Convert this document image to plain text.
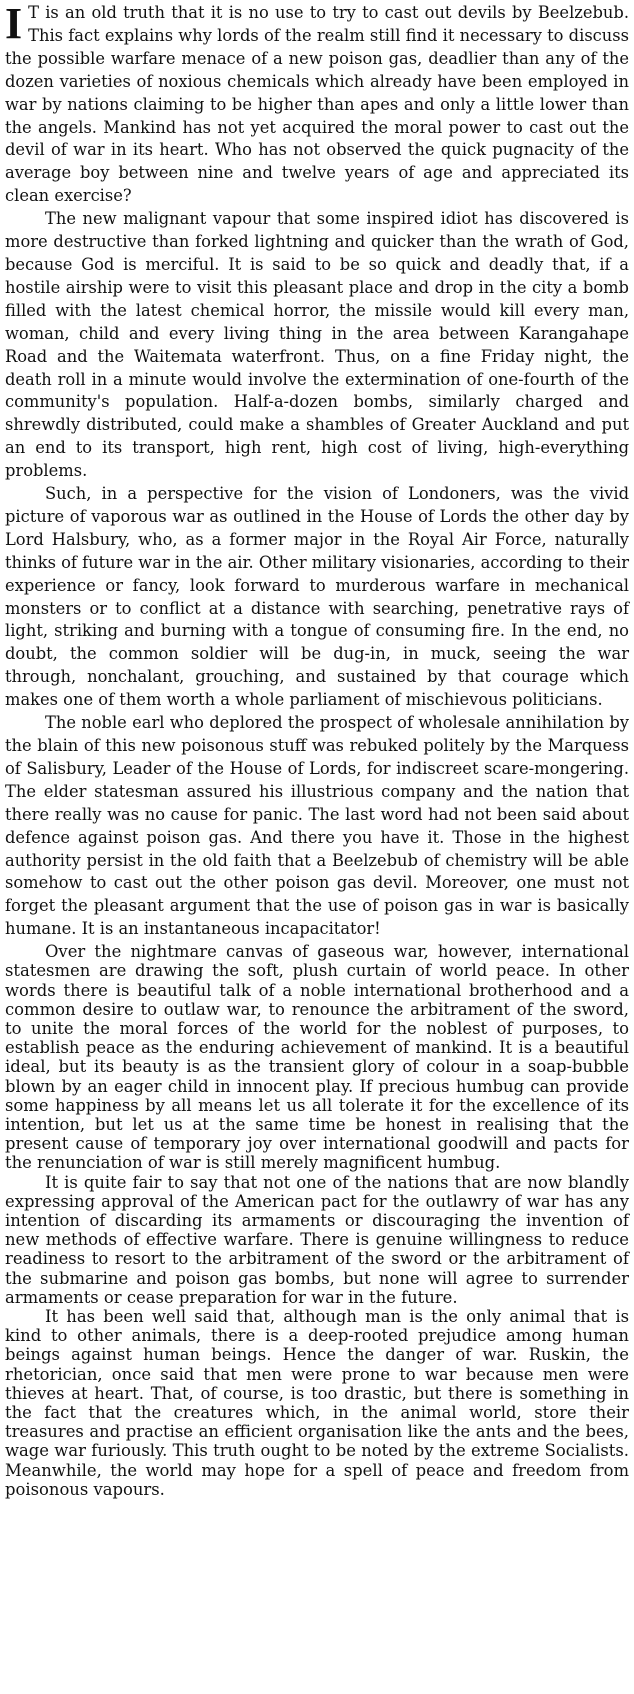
I T is an old truth that it is no use to try to cast out devils by Beelzebub. This fact explains why lords of the realm still find it necessary to discuss the possible warfare menace of a new poison gas, deadlier than any of the dozen varieties of noxious chemicals which already have been employed in war by nations claiming to be higher than apes and only a little lower than the angels. Mankind has not yet acquired the moral power to cast out the devil of war in its heart. Who has not observed the quick pugnacity of the average boy between nine and twelve years of age and appreciated its clean exercise?

The new malignant vapour that some inspired idiot has discovered is more destructive than forked lightning and quicker than the wrath of God, because God is merciful. It is said to be so quick and deadly that, if a hostile airship were to visit this pleasant place and drop in the city a bomb filled with the latest chemical horror, the missile would kill every man, woman, child and every living thing in the area between Karangahape Road and the Waitemata waterfront. Thus, on a fine Friday night, the death roll in a minute would involve the extermination of one-fourth of the community's population. Half-a-dozen bombs, similarly charged and shrewdly distributed, could make a shambles of Greater Auckland and put an end to its transport, high rent, high cost of living, high-everything problems.

Such, in a perspective for the vision of Londoners, was the vivid picture of vaporous war as outlined in the House of Lords the other day by Lord Halsbury, who, as a former major in the Royal Air Force, naturally thinks of future war in the air. Other military visionaries, according to their experience or fancy, look forward to murderous warfare in mechanical monsters or to conflict at a distance with searching, penetrative rays of light, striking and burning with a tongue of consuming fire. In the end, no doubt, the common soldier will be dug-in, in muck, seeing the war through, nonchalant, grouching, and sustained by that courage which makes one of them worth a whole parliament of mischievous politicians.

The noble earl who deplored the prospect of wholesale annihilation by the blain of this new poisonous stuff was rebuked politely by the Marquess of Salisbury, Leader of the House of Lords, for indiscreet scare-mongering. The elder statesman assured his illustrious company and the nation that there really was no cause for panic. The last word had not been said about defence against poison gas. And there you have it. Those in the highest authority persist in the old faith that a Beelzebub of chemistry will be able somehow to cast out the other poison gas devil. Moreover, one must not forget the pleasant argument that the use of poison gas in war is basically humane. It is an instantaneous incapacitator!

Over the nightmare canvas of gaseous war, however, international statesmen are drawing the soft, plush curtain of world peace. In other words there is beautiful talk of a noble international brotherhood and a common desire to outlaw war, to renounce the arbitrament of the sword, to unite the moral forces of the world for the noblest of purposes, to establish peace as the enduring achievement of mankind. It is a beautiful ideal, but its beauty is as the transient glory of colour in a soap-bubble blown by an eager child in innocent play. If precious humbug can provide some happiness by all means let us all tolerate it for the excellence of its intention, but let us at the same time be honest in realising that the present cause of temporary joy over international goodwill and pacts for the renunciation of war is still merely magnificent humbug.

It is quite fair to say that not one of the nations that are now blandly expressing approval of the American pact for the outlawry of war has any intention of discarding its armaments or discouraging the invention of new methods of effective warfare. There is genuine willingness to reduce readiness to resort to the arbitrament of the sword or the arbitrament of the submarine and poison gas bombs, but none will agree to surrender armaments or cease preparation for war in the future.

It has been well said that, although man is the only animal that is kind to other animals, there is a deep-rooted prejudice among human beings against human beings. Hence the danger of war. Ruskin, the rhetorician, once said that men were prone to war because men were thieves at heart. That, of course, is too drastic, but there is something in the fact that the creatures which, in the animal world, store their treasures and practise an efficient organisation like the ants and the bees, wage war furiously. This truth ought to be noted by the extreme Socialists. Meanwhile, the world may hope for a spell of peace and freedom from poisonous vapours.
